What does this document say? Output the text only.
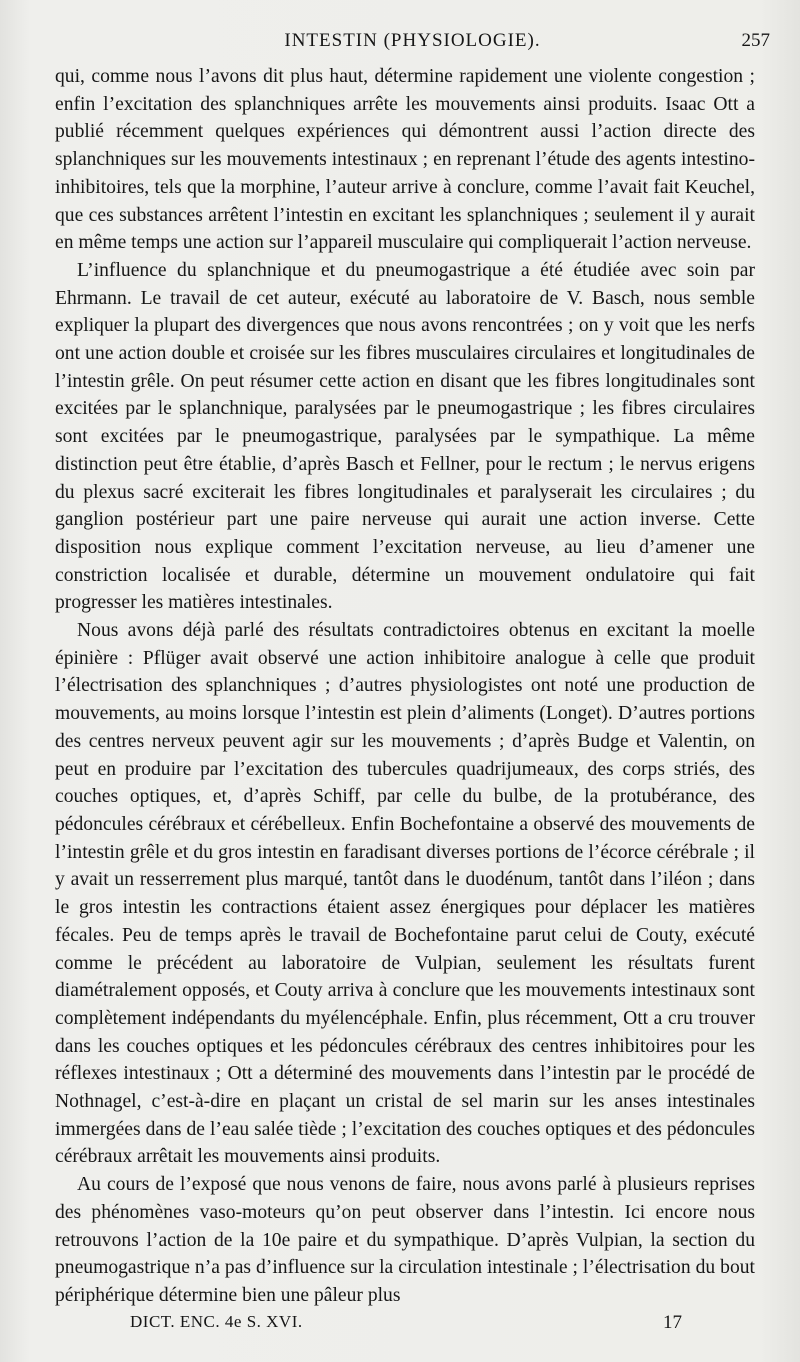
INTESTIN (PHYSIOLOGIE).	257

qui, comme nous l’avons dit plus haut, détermine rapidement une violente congestion ; enfin l’excitation des splanchniques arrête les mouvements ainsi produits. Isaac Ott a publié récemment quelques expériences qui démontrent aussi l’action directe des splanchniques sur les mouvements intestinaux ; en reprenant l’étude des agents intestino-inhibitoires, tels que la morphine, l’auteur arrive à conclure, comme l’avait fait Keuchel, que ces substances arrêtent l’intestin en excitant les splanchniques ; seulement il y aurait en même temps une action sur l’appareil musculaire qui compliquerait l’action nerveuse.

L’influence du splanchnique et du pneumogastrique a été étudiée avec soin par Ehrmann. Le travail de cet auteur, exécuté au laboratoire de V. Basch, nous semble expliquer la plupart des divergences que nous avons rencontrées ; on y voit que les nerfs ont une action double et croisée sur les fibres musculaires circulaires et longitudinales de l’intestin grêle. On peut résumer cette action en disant que les fibres longitudinales sont excitées par le splanchnique, paralysées par le pneumogastrique ; les fibres circulaires sont excitées par le pneumogastrique, paralysées par le sympathique. La même distinction peut être établie, d’après Basch et Fellner, pour le rectum ; le nervus erigens du plexus sacré exciterait les fibres longitudinales et paralyserait les circulaires ; du ganglion postérieur part une paire nerveuse qui aurait une action inverse. Cette disposition nous explique comment l’excitation nerveuse, au lieu d’amener une constriction localisée et durable, détermine un mouvement ondulatoire qui fait progresser les matières intestinales.

Nous avons déjà parlé des résultats contradictoires obtenus en excitant la moelle épinière : Pflüger avait observé une action inhibitoire analogue à celle que produit l’électrisation des splanchniques ; d’autres physiologistes ont noté une production de mouvements, au moins lorsque l’intestin est plein d’aliments (Longet). D’autres portions des centres nerveux peuvent agir sur les mouvements ; d’après Budge et Valentin, on peut en produire par l’excitation des tubercules quadrijumeaux, des corps striés, des couches optiques, et, d’après Schiff, par celle du bulbe, de la protubérance, des pédoncules cérébraux et cérébelleux. Enfin Bochefontaine a observé des mouvements de l’intestin grêle et du gros intestin en faradisant diverses portions de l’écorce cérébrale ; il y avait un resserrement plus marqué, tantôt dans le duodénum, tantôt dans l’iléon ; dans le gros intestin les contractions étaient assez énergiques pour déplacer les matières fécales. Peu de temps après le travail de Bochefontaine parut celui de Couty, exécuté comme le précédent au laboratoire de Vulpian, seulement les résultats furent diamétralement opposés, et Couty arriva à conclure que les mouvements intestinaux sont complètement indépendants du myélencéphale. Enfin, plus récemment, Ott a cru trouver dans les couches optiques et les pédoncules cérébraux des centres inhibitoires pour les réflexes intestinaux ; Ott a déterminé des mouvements dans l’intestin par le procédé de Nothnagel, c’est-à-dire en plaçant un cristal de sel marin sur les anses intestinales immergées dans de l’eau salée tiède ; l’excitation des couches optiques et des pédoncules cérébraux arrêtait les mouvements ainsi produits.

Au cours de l’exposé que nous venons de faire, nous avons parlé à plusieurs reprises des phénomènes vaso-moteurs qu’on peut observer dans l’intestin. Ici encore nous retrouvons l’action de la 10e paire et du sympathique. D’après Vulpian, la section du pneumogastrique n’a pas d’influence sur la circulation intestinale ; l’électrisation du bout périphérique détermine bien une pâleur plus

DICT. ENC. 4e S. XVI.	17
